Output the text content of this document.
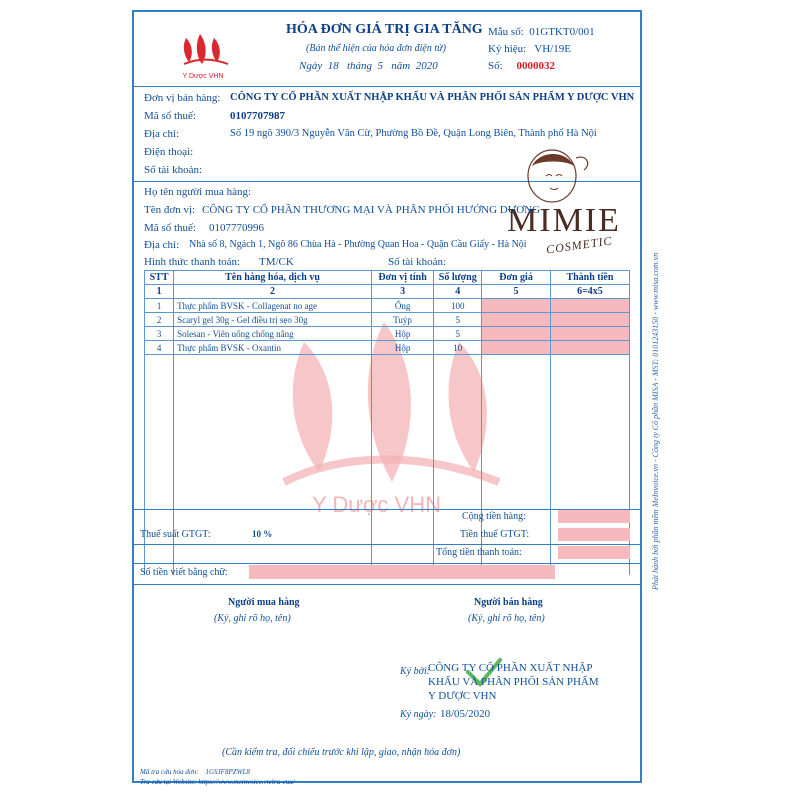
Y Dược VHN
HÓA ĐƠN GIÁ TRỊ GIA TĂNG
(Bản thể hiện của hóa đơn điện tử)
Ngày 18 tháng 5 năm 2020
Mẫu số: 01GTKT0/001
Ký hiệu: VH/19E
Số: 0000032
Đơn vị bán hàng: CÔNG TY CỔ PHẦN XUẤT NHẬP KHẨU VÀ PHÂN PHỐI SẢN PHẨM Y DƯỢC VHN
Mã số thuế:	0107707987
Địa chỉ:	Số 19 ngõ 390/3 Nguyễn Văn Cừ, Phường Bồ Đề, Quận Long Biên, Thành phố Hà Nội
Điện thoại:
Số tài khoản:
MIMIE
COSMETIC
Họ tên người mua hàng:
Tên đơn vị: CÔNG TY CỔ PHẦN THƯƠNG MẠI VÀ PHÂN PHỐI HƯỚNG DƯƠNG
Mã số thuế: 0107770996
Địa chỉ: Nhà số 8, Ngách 1, Ngõ 86 Chùa Hà - Phường Quan Hoa - Quận Cầu Giấy - Hà Nội
Hình thức thanh toán: TM/CK	Số tài khoản:
Y Dược VHN
STT	Tên hàng hóa, dịch vụ	Đơn vị tính	Số lượng	Đơn giá	Thành tiền
1	2	3	4	5	6=4x5
1	Thực phẩm BVSK - Collagenat no age	Ống	100		
2	Scaryl gel 30g - Gel điều trị sẹo 30g	Tuýp	5		
3	Solesan - Viên uống chống nắng	Hộp	5		
4	Thực phẩm BVSK - Oxantin	Hộp	10		

Cộng tiền hàng:
Thuế suất GTGT:	10 %	Tiền thuế GTGT:
Tổng tiền thanh toán:
Số tiền viết bằng chữ:
Người mua hàng
(Ký, ghi rõ họ, tên)
Người bán hàng
(Ký, ghi rõ họ, tên)
Ký bởi:
CÔNG TY CỔ PHẦN XUẤT NHẬP
KHẨU VÀ PHÂN PHỐI SẢN PHẨM
Y DƯỢC VHN
Ký ngày: 18/05/2020
(Cần kiểm tra, đối chiếu trước khi lập, giao, nhận hóa đơn)
Mã tra cứu hóa đơn: 1GSJF8PZWL8
Tra cứu tại Website: https://www.meinvoice.vn/tra-cuu/
Phát hành bởi phần mềm MeInvoice.vn - Công ty Cổ phần MISA - MST: 0101243150 - www.misa.com.vn
